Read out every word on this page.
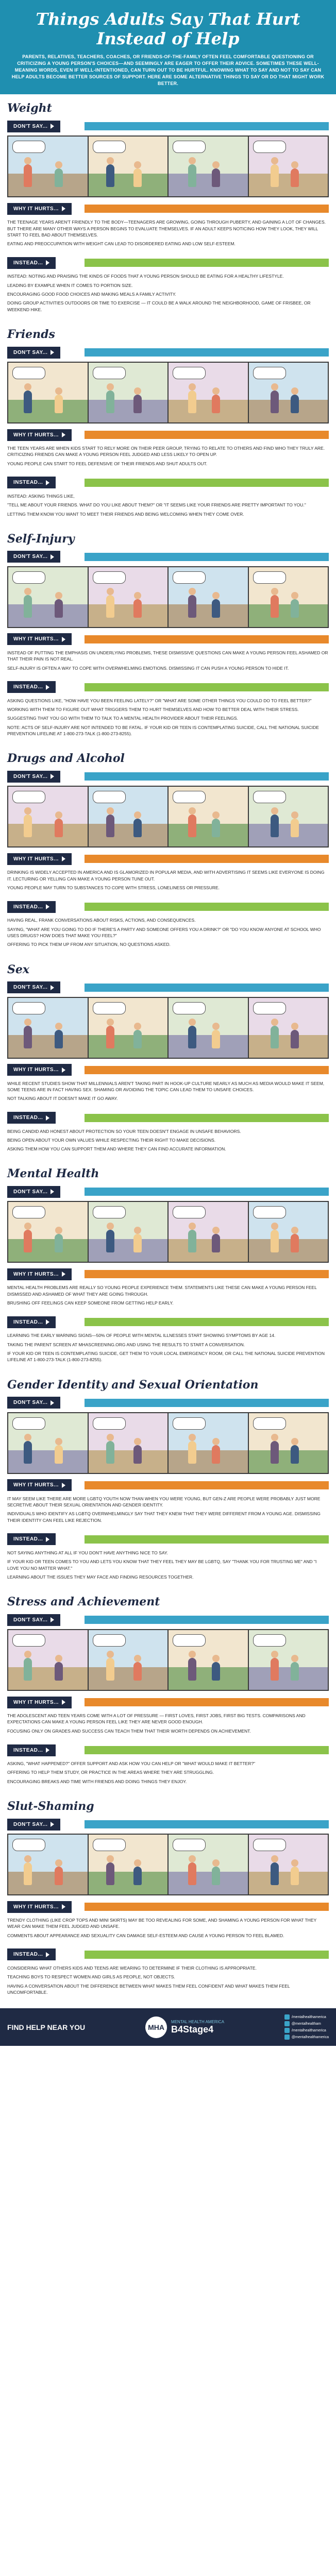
Things Adults Say That Hurt Instead of Help
PARENTS, RELATIVES, TEACHERS, COACHES, OR FRIENDS-OF-THE-FAMILY OFTEN FEEL COMFORTABLE QUESTIONING OR CRITICIZING A YOUNG PERSON'S CHOICES—AND SEEMINGLY ARE EAGER TO OFFER THEIR ADVICE. SOMETIMES THESE WELL-MEANING WORDS, EVEN IF WELL-INTENTIONED, CAN TURN OUT TO BE HURTFUL. KNOWING WHAT TO SAY AND NOT TO SAY CAN HELP ADULTS BECOME BETTER SOURCES OF SUPPORT. HERE ARE SOME ALTERNATIVE THINGS TO SAY OR DO THAT MIGHT WORK BETTER.
Weight
DON'T SAY...
WHY IT HURTS...

THE TEENAGE YEARS AREN'T FRIENDLY TO THE BODY—TEENAGERS ARE GROWING, GOING THROUGH PUBERTY, AND GAINING A LOT OF CHANGES. BUT THERE ARE MANY OTHER WAYS A PERSON BEGINS TO EVALUATE THEMSELVES. IF AN ADULT KEEPS NOTICING HOW THEY LOOK, THEY WILL START TO FEEL BAD ABOUT THEMSELVES.

EATING AND PREOCCUPATION WITH WEIGHT CAN LEAD TO DISORDERED EATING AND LOW SELF-ESTEEM.

INSTEAD...

INSTEAD: NOTING AND PRAISING THE KINDS OF FOODS THAT A YOUNG PERSON SHOULD BE EATING FOR A HEALTHY LIFESTYLE.

LEADING BY EXAMPLE WHEN IT COMES TO PORTION SIZE.

ENCOURAGING GOOD FOOD CHOICES AND MAKING MEALS A FAMILY ACTIVITY.

DOING GROUP ACTIVITIES OUTDOORS OR TIME TO EXERCISE — IT COULD BE A WALK AROUND THE NEIGHBORHOOD, GAME OF FRISBEE, OR WEEKEND HIKE.

Friends
DON'T SAY...
WHY IT HURTS...

THE TEEN YEARS ARE WHEN KIDS START TO RELY MORE ON THEIR PEER GROUP, TRYING TO RELATE TO OTHERS AND FIND WHO THEY TRULY ARE. CRITICIZING FRIENDS CAN MAKE A YOUNG PERSON FEEL JUDGED AND LESS LIKELY TO OPEN UP.

YOUNG PEOPLE CAN START TO FEEL DEFENSIVE OF THEIR FRIENDS AND SHUT ADULTS OUT.

INSTEAD...

INSTEAD: ASKING THINGS LIKE,

"TELL ME ABOUT YOUR FRIENDS. WHAT DO YOU LIKE ABOUT THEM?" OR "IT SEEMS LIKE YOUR FRIENDS ARE PRETTY IMPORTANT TO YOU."

LETTING THEM KNOW YOU WANT TO MEET THEIR FRIENDS AND BEING WELCOMING WHEN THEY COME OVER.

Self-Injury
DON'T SAY...
WHY IT HURTS...

INSTEAD OF PUTTING THE EMPHASIS ON UNDERLYING PROBLEMS, THESE DISMISSIVE QUESTIONS CAN MAKE A YOUNG PERSON FEEL ASHAMED OR THAT THEIR PAIN IS NOT REAL.

SELF-INJURY IS OFTEN A WAY TO COPE WITH OVERWHELMING EMOTIONS. DISMISSING IT CAN PUSH A YOUNG PERSON TO HIDE IT.

INSTEAD...

ASKING QUESTIONS LIKE, "HOW HAVE YOU BEEN FEELING LATELY?" OR "WHAT ARE SOME OTHER THINGS YOU COULD DO TO FEEL BETTER?"

WORKING WITH THEM TO FIGURE OUT WHAT TRIGGERS THEM TO HURT THEMSELVES AND HOW TO BETTER DEAL WITH THEIR STRESS.

SUGGESTING THAT YOU GO WITH THEM TO TALK TO A MENTAL HEALTH PROVIDER ABOUT THEIR FEELINGS.

NOTE: ACTS OF SELF-INJURY ARE NOT INTENDED TO BE FATAL. IF YOUR KID OR TEEN IS CONTEMPLATING SUICIDE, CALL THE NATIONAL SUICIDE PREVENTION LIFELINE AT 1-800-273-TALK (1-800-273-8255).

Drugs and Alcohol
DON'T SAY...
WHY IT HURTS...

DRINKING IS WIDELY ACCEPTED IN AMERICA AND IS GLAMORIZED IN POPULAR MEDIA, AND WITH ADVERTISING IT SEEMS LIKE EVERYONE IS DOING IT. LECTURING OR YELLING CAN MAKE A YOUNG PERSON TUNE OUT.

YOUNG PEOPLE MAY TURN TO SUBSTANCES TO COPE WITH STRESS, LONELINESS OR PRESSURE.

INSTEAD...

HAVING REAL, FRANK CONVERSATIONS ABOUT RISKS, ACTIONS, AND CONSEQUENCES.

SAYING, "WHAT ARE YOU GOING TO DO IF THERE'S A PARTY AND SOMEONE OFFERS YOU A DRINK?" OR "DO YOU KNOW ANYONE AT SCHOOL WHO USES DRUGS? HOW DOES THAT MAKE YOU FEEL?"

OFFERING TO PICK THEM UP FROM ANY SITUATION, NO QUESTIONS ASKED.

Sex
DON'T SAY...
WHY IT HURTS...

WHILE RECENT STUDIES SHOW THAT MILLENNIALS AREN'T TAKING PART IN HOOK-UP CULTURE NEARLY AS MUCH AS MEDIA WOULD MAKE IT SEEM, SOME TEENS ARE IN FACT HAVING SEX. SHAMING OR AVOIDING THE TOPIC CAN LEAD THEM TO UNSAFE CHOICES.

NOT TALKING ABOUT IT DOESN'T MAKE IT GO AWAY.

INSTEAD...

BEING CANDID AND HONEST ABOUT PROTECTION SO YOUR TEEN DOESN'T ENGAGE IN UNSAFE BEHAVIORS.

BEING OPEN ABOUT YOUR OWN VALUES WHILE RESPECTING THEIR RIGHT TO MAKE DECISIONS.

ASKING THEM HOW YOU CAN SUPPORT THEM AND WHERE THEY CAN FIND ACCURATE INFORMATION.

Mental Health
DON'T SAY...
WHY IT HURTS...

MENTAL HEALTH PROBLEMS ARE REALLY SO YOUNG PEOPLE EXPERIENCE THEM. STATEMENTS LIKE THESE CAN MAKE A YOUNG PERSON FEEL DISMISSED AND ASHAMED OF WHAT THEY ARE GOING THROUGH.

BRUSHING OFF FEELINGS CAN KEEP SOMEONE FROM GETTING HELP EARLY.

INSTEAD...

LEARNING THE EARLY WARNING SIGNS—50% OF PEOPLE WITH MENTAL ILLNESSES START SHOWING SYMPTOMS BY AGE 14.

TAKING THE PARENT SCREEN AT MHASCREENING.ORG AND USING THE RESULTS TO START A CONVERSATION.

IF YOUR KID OR TEEN IS CONTEMPLATING SUICIDE, GET THEM TO YOUR LOCAL EMERGENCY ROOM, OR CALL THE NATIONAL SUICIDE PREVENTION LIFELINE AT 1-800-273-TALK (1-800-273-8255).

Gender Identity and Sexual Orientation
DON'T SAY...
WHY IT HURTS...

IT MAY SEEM LIKE THERE ARE MORE LGBTQ YOUTH NOW THAN WHEN YOU WERE YOUNG, BUT GEN-Z ARE PEOPLE WERE PROBABLY JUST MORE SECRETIVE ABOUT THEIR SEXUAL ORIENTATION AND GENDER IDENTITY.

INDIVIDUALS WHO IDENTIFY AS LGBTQ OVERWHELMINGLY SAY THAT THEY KNEW THAT THEY WERE DIFFERENT FROM A YOUNG AGE. DISMISSING THEIR IDENTITY CAN FEEL LIKE REJECTION.

INSTEAD...

NOT SAYING ANYTHING AT ALL IF YOU DON'T HAVE ANYTHING NICE TO SAY.

IF YOUR KID OR TEEN COMES TO YOU AND LETS YOU KNOW THAT THEY FEEL THEY MAY BE LGBTQ, SAY "THANK YOU FOR TRUSTING ME" AND "I LOVE YOU NO MATTER WHAT."

LEARNING ABOUT THE ISSUES THEY MAY FACE AND FINDING RESOURCES TOGETHER.

Stress and Achievement
DON'T SAY...
WHY IT HURTS...

THE ADOLESCENT AND TEEN YEARS COME WITH A LOT OF PRESSURE — FIRST LOVES, FIRST JOBS, FIRST BIG TESTS. COMPARISONS AND EXPECTATIONS CAN MAKE A YOUNG PERSON FEEL LIKE THEY ARE NEVER GOOD ENOUGH.

FOCUSING ONLY ON GRADES AND SUCCESS CAN TEACH THEM THAT THEIR WORTH DEPENDS ON ACHIEVEMENT.

INSTEAD...

ASKING, "WHAT HAPPENED?" OFFER SUPPORT AND ASK HOW YOU CAN HELP OR "WHAT WOULD MAKE IT BETTER?"

OFFERING TO HELP THEM STUDY, OR PRACTICE IN THE AREAS WHERE THEY ARE STRUGGLING.

ENCOURAGING BREAKS AND TIME WITH FRIENDS AND DOING THINGS THEY ENJOY.

Slut-Shaming
DON'T SAY...
WHY IT HURTS...

TRENDY CLOTHING (LIKE CROP TOPS AND MINI SKIRTS) MAY BE TOO REVEALING FOR SOME, AND SHAMING A YOUNG PERSON FOR WHAT THEY WEAR CAN MAKE THEM FEEL JUDGED AND UNSAFE.

COMMENTS ABOUT APPEARANCE AND SEXUALITY CAN DAMAGE SELF-ESTEEM AND CAUSE A YOUNG PERSON TO FEEL BLAMED.

INSTEAD...

CONSIDERING WHAT OTHERS KIDS AND TEENS ARE WEARING TO DETERMINE IF THEIR CLOTHING IS APPROPRIATE.

TEACHING BOYS TO RESPECT WOMEN AND GIRLS AS PEOPLE, NOT OBJECTS.

HAVING A CONVERSATION ABOUT THE DIFFERENCE BETWEEN WHAT MAKES THEM FEEL CONFIDENT AND WHAT MAKES THEM FEEL UNCOMFORTABLE.

FIND HELP NEAR YOU	MHA
MENTAL HEALTH AMERICA
B4Stage4
/mentalhealthamerica
@mentalhealtham
/mentalhealthamerica
@mentalhealthamerica
